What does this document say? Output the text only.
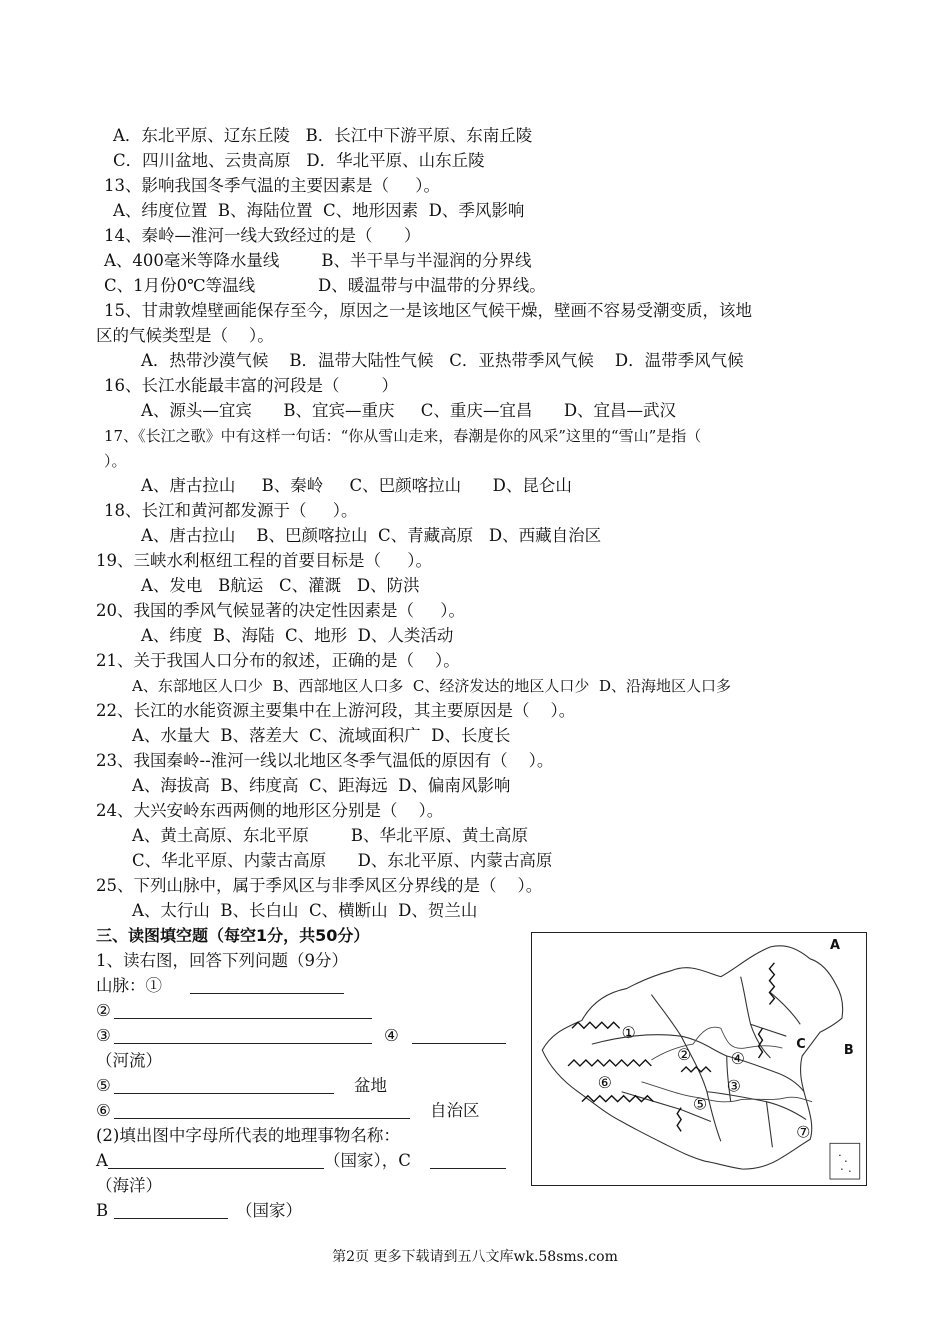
A．东北平原、辽东丘陵   B．长江中下游平原、东南丘陵
C．四川盆地、云贵高原   D．华北平原、山东丘陵
13、影响我国冬季气温的主要因素是（     ）。
A、纬度位置  B、海陆位置  C、地形因素  D、季风影响
14、秦岭—淮河一线大致经过的是（      ）
A、400毫米等降水量线        B、半干旱与半湿润的分界线
C、1月份0℃等温线            D、暖温带与中温带的分界线。
15、甘肃敦煌壁画能保存至今，原因之一是该地区气候干燥，壁画不容易受潮变质，该地
区的气候类型是（    ）。
A．热带沙漠气候    B．温带大陆性气候   C．亚热带季风气候    D．温带季风气候
16、长江水能最丰富的河段是（        ）
A、源头—宜宾      B、宜宾—重庆     C、重庆—宜昌      D、宜昌—武汉
17、《长江之歌》中有这样一句话：“你从雪山走来，春潮是你的风采”这里的“雪山”是指（
）。
A、唐古拉山     B、秦岭     C、巴颜喀拉山      D、昆仑山
18、长江和黄河都发源于（     ）。
A、唐古拉山    B、巴颜喀拉山  C、青藏高原   D、西藏自治区
19、三峡水利枢纽工程的首要目标是（     ）。
A、发电   B航运   C、灌溉   D、防洪
20、我国的季风气候显著的决定性因素是（     ）。
A、纬度  B、海陆  C、地形  D、人类活动
21、关于我国人口分布的叙述，正确的是（    ）。
A、东部地区人口少  B、西部地区人口多  C、经济发达的地区人口少  D、沿海地区人口多
22、长江的水能资源主要集中在上游河段，其主要原因是（    ）。
A、水量大  B、落差大  C、流域面积广  D、长度长
23、我国秦岭--淮河一线以北地区冬季气温低的原因有（    ）。
A、海拔高  B、纬度高  C、距海远  D、偏南风影响
24、大兴安岭东西两侧的地形区分别是（    ）。
A、黄土高原、东北平原        B、华北平原、黄土高原
C、华北平原、内蒙古高原      D、东北平原、内蒙古高原
25、下列山脉中，属于季风区与非季风区分界线的是（    ）。
A、太行山  B、长白山  C、横断山  D、贺兰山
三、读图填空题（每空1分，共50分）
1、读右图，回答下列问题（9分）
山脉：①
②
③	④
（河流）
⑤	盆地
⑥	自治区
(2)填出图中字母所代表的地理事物名称：
A	（国家），C
（海洋）
B	（国家）
A
B
C
①
②
③
④
⑤
⑥
⑦
第2页 更多下载请到五八文库wk.58sms.com
